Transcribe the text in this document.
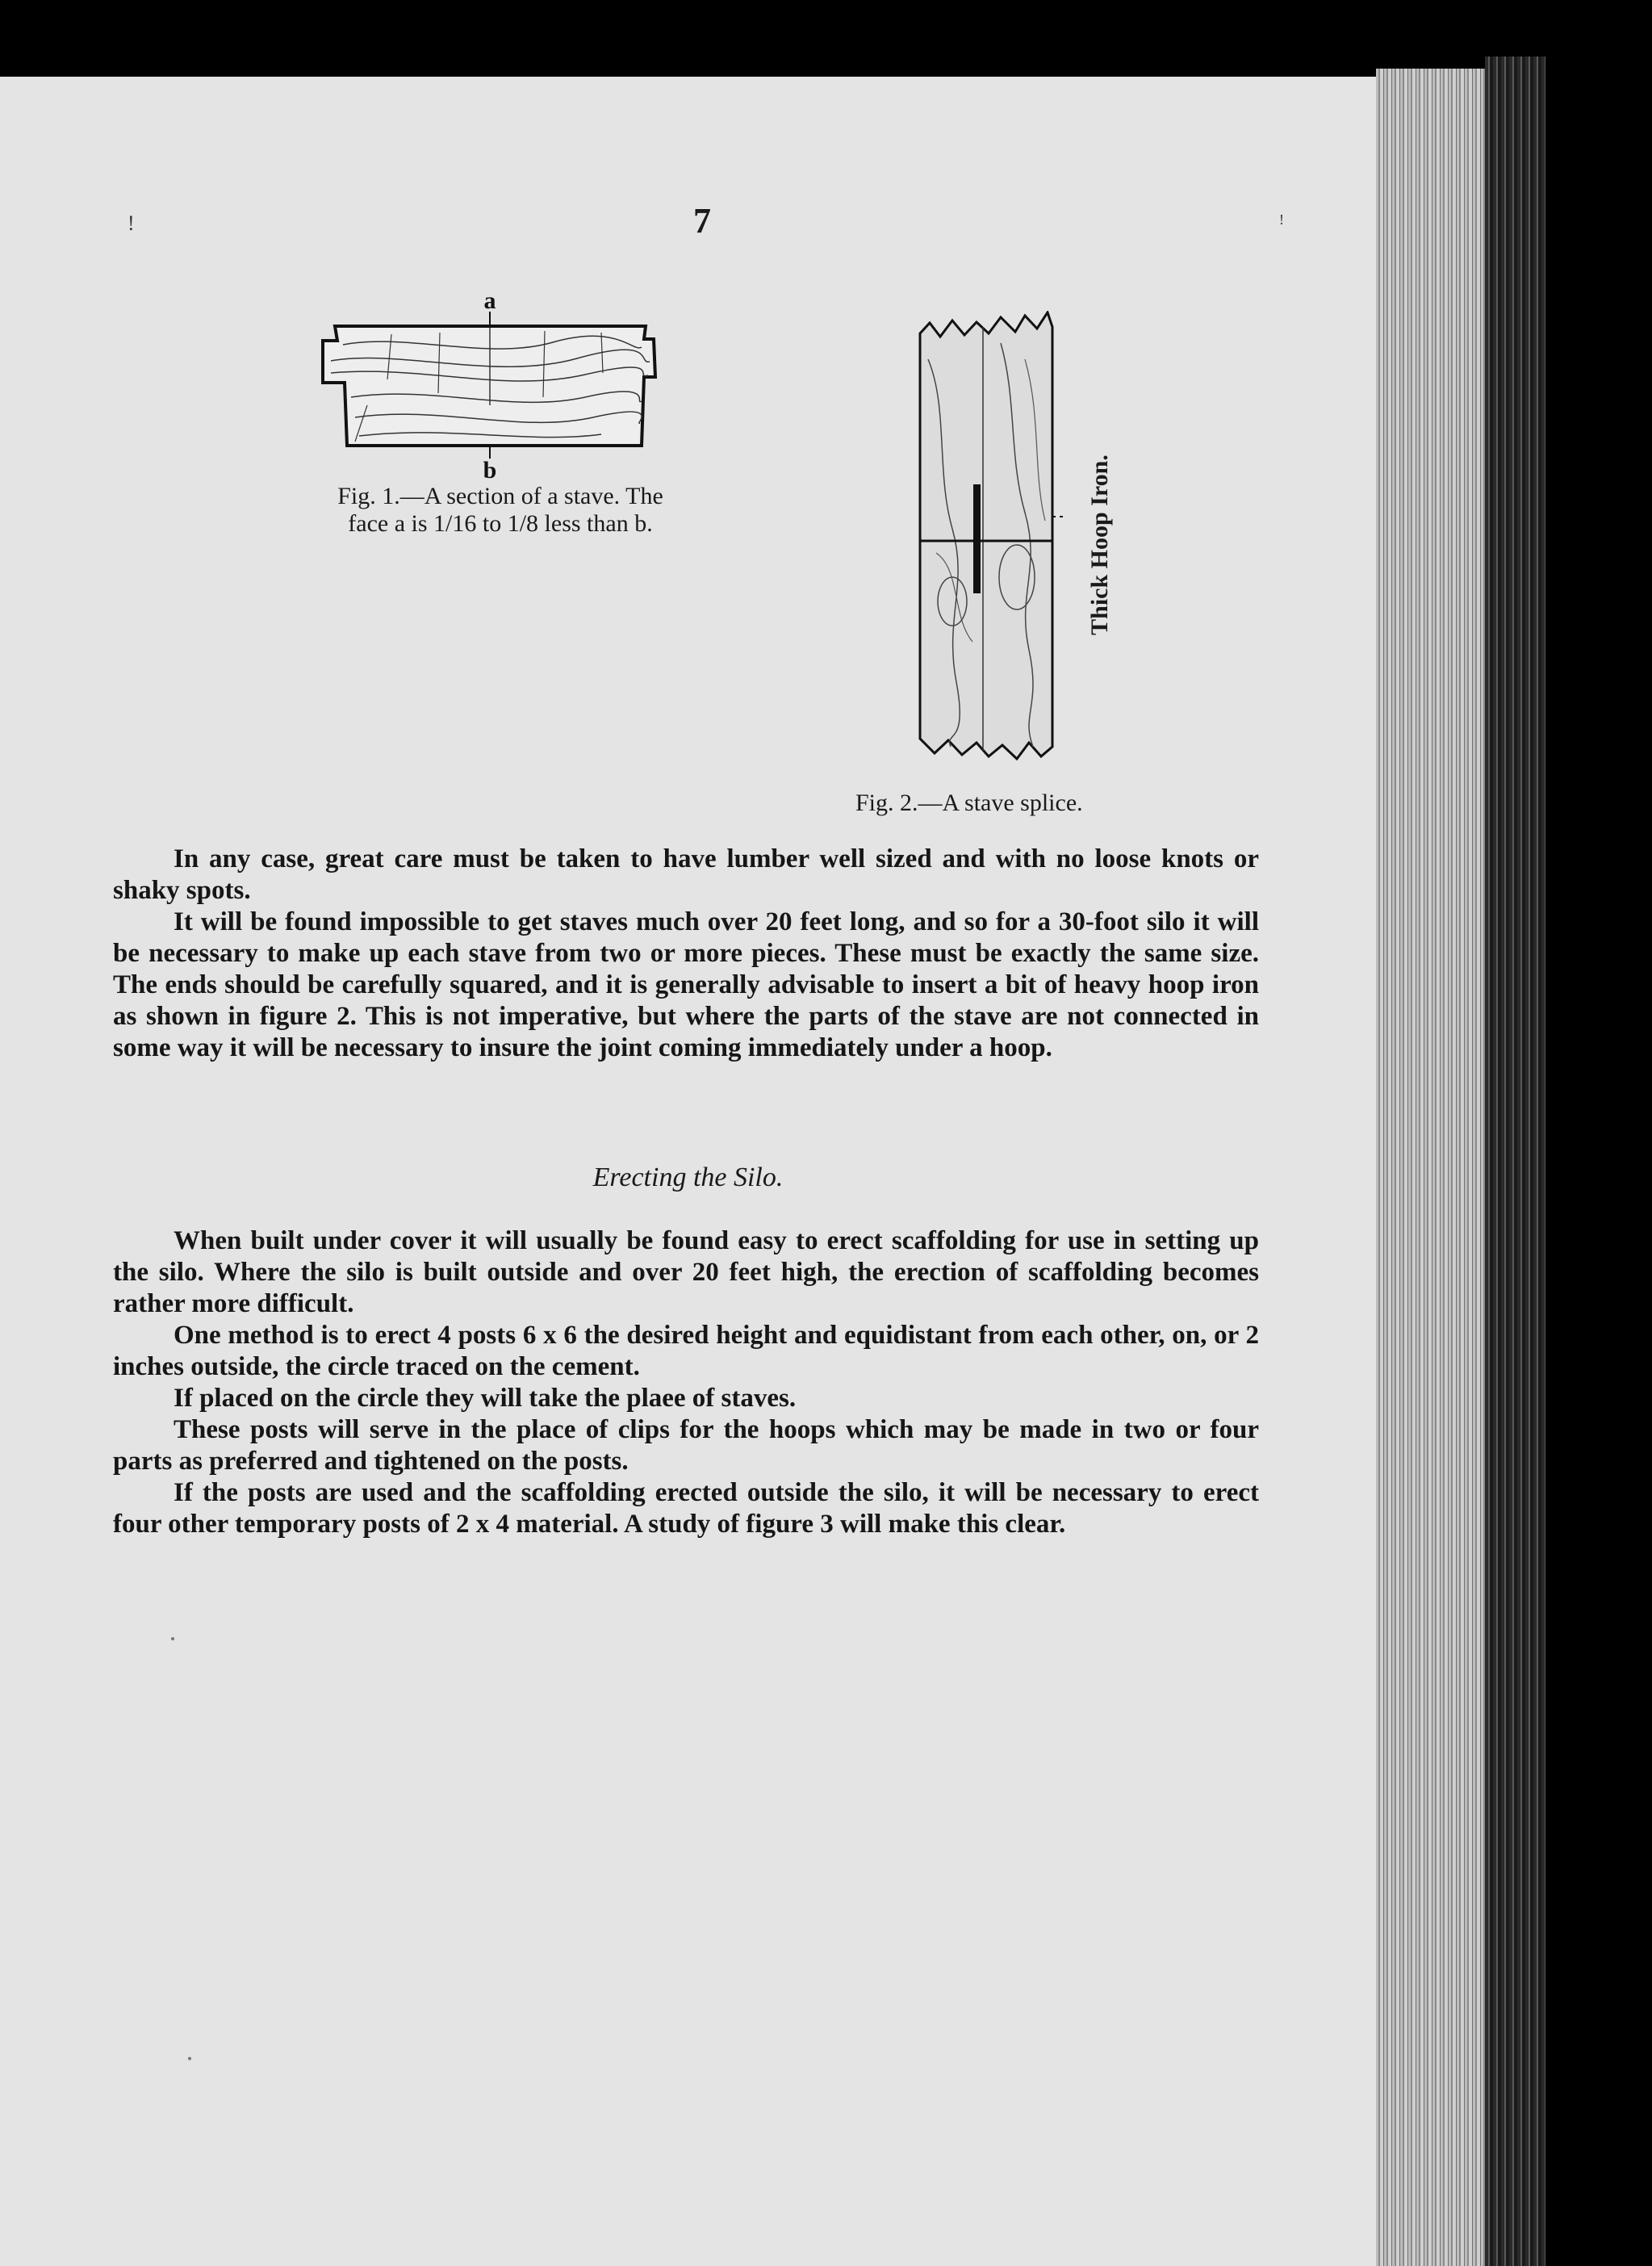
!	!
7
a
b
Fig. 1.—A section of a stave. The
face a is 1/16 to 1/8 less than b.	Thick Hoop Iron.
Fig. 2.—A stave splice.

In any case, great care must be taken to have lumber well sized and with no loose knots or shaky spots.

It will be found impossible to get staves much over 20 feet long, and so for a 30-foot silo it will be necessary to make up each stave from two or more pieces. These must be exactly the same size. The ends should be carefully squared, and it is generally advisable to insert a bit of heavy hoop iron as shown in figure 2. This is not imperative, but where the parts of the stave are not connected in some way it will be necessary to insure the joint coming immediately under a hoop.

Erecting the Silo.

When built under cover it will usually be found easy to erect scaffolding for use in setting up the silo. Where the silo is built outside and over 20 feet high, the erection of scaffolding becomes rather more difficult.

One method is to erect 4 posts 6 x 6 the desired height and equidistant from each other, on, or 2 inches outside, the circle traced on the cement.

If placed on the circle they will take the plaee of staves.

These posts will serve in the place of clips for the hoops which may be made in two or four parts as preferred and tightened on the posts.

If the posts are used and the scaffolding erected outside the silo, it will be necessary to erect four other temporary posts of 2 x 4 material. A study of figure 3 will make this clear.
